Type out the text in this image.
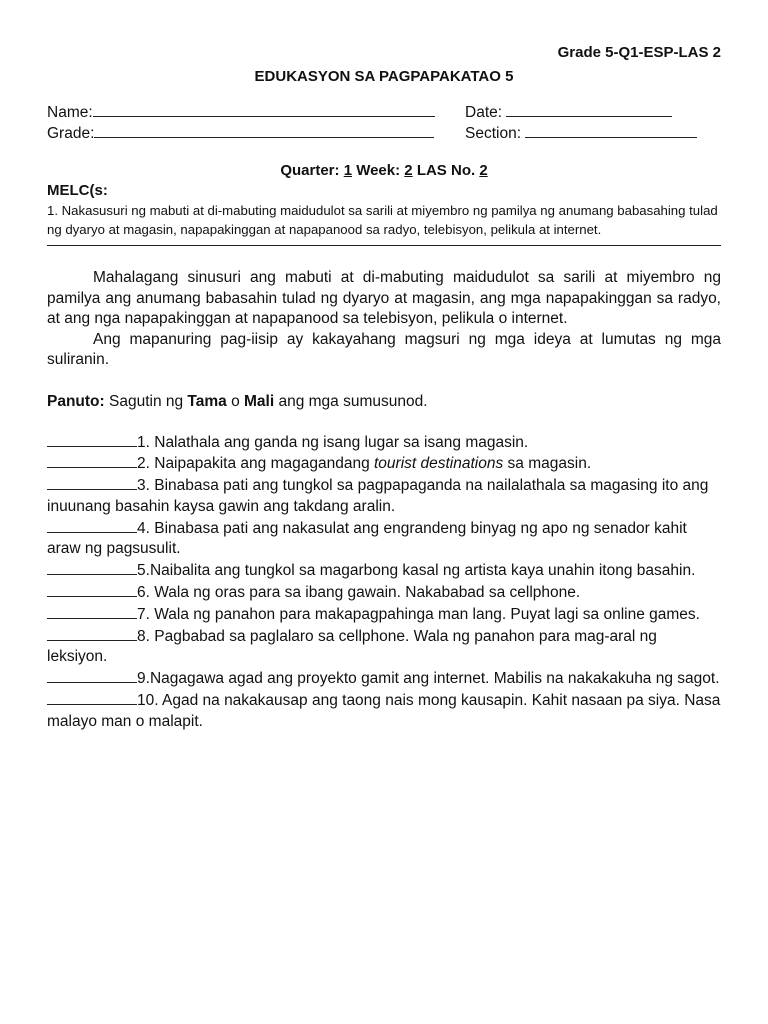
Grade 5-Q1-ESP-LAS 2
EDUKASYON SA PAGPAPAKATAO 5
Name:	Date:
Grade:	Section:
Quarter: 1 Week: 2 LAS No. 2
MELC(s:
1. Nakasusuri ng mabuti at di-mabuting maidudulot sa sarili at miyembro ng pamilya ng anumang babasahing tulad ng dyaryo at magasin, napapakinggan at napapanood sa radyo, telebisyon, pelikula at internet.

Mahalagang sinusuri ang mabuti at di-mabuting maidudulot sa sarili at miyembro ng pamilya ang anumang babasahin tulad ng dyaryo at magasin, ang mga napapakinggan sa radyo, at ang nga napapakinggan at napapanood sa telebisyon, pelikula o internet.

Ang mapanuring pag-iisip ay kakayahang magsuri ng mga ideya at lumutas ng mga suliranin.

Panuto: Sagutin ng Tama o Mali ang mga sumusunod.

1. Nalathala ang ganda ng isang lugar sa isang magasin.

2. Naipapakita ang magagandang tourist destinations sa magasin.

3. Binabasa pati ang tungkol sa pagpapaganda na nailalathala sa magasing ito ang inuunang basahin kaysa gawin ang takdang aralin.

4. Binabasa pati ang nakasulat ang engrandeng binyag ng apo ng senador kahit araw ng pagsusulit.

5.Naibalita ang tungkol sa magarbong kasal ng artista kaya unahin itong basahin.

6. Wala ng oras para sa ibang gawain. Nakababad sa cellphone.

7. Wala ng panahon para makapagpahinga man lang. Puyat lagi sa online games.

8. Pagbabad sa paglalaro sa cellphone. Wala ng panahon para mag-aral ng leksiyon.

9.Nagagawa agad ang proyekto gamit ang internet. Mabilis na nakakakuha ng sagot.

10. Agad na nakakausap ang taong nais mong kausapin. Kahit nasaan pa siya. Nasa malayo man o malapit.
